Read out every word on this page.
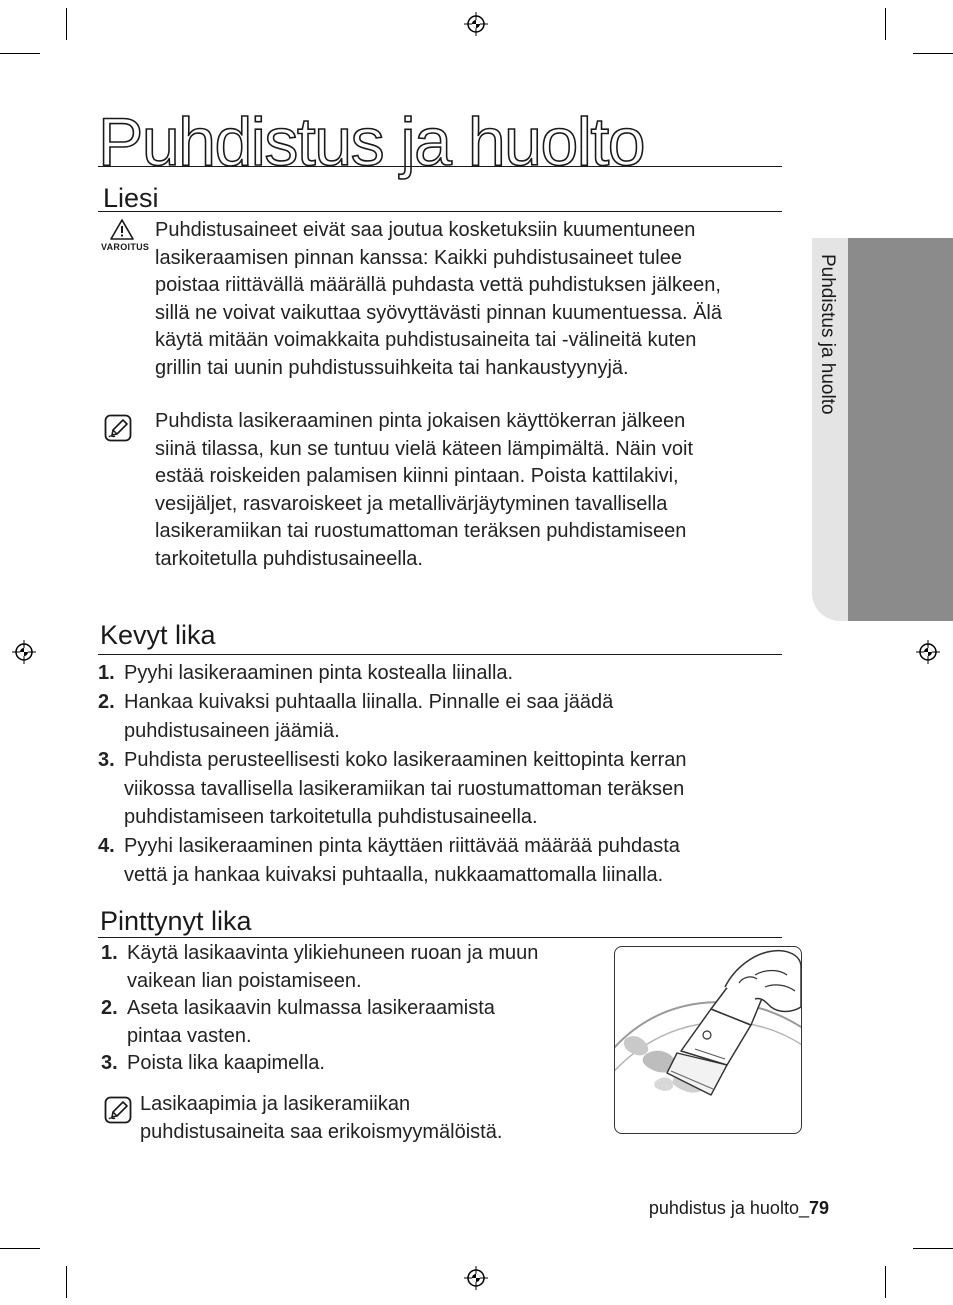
Puhdistus ja huolto
Puhdistus ja huolto
Liesi
VAROITUS
Puhdistusaineet eivät saa joutua kosketuksiin kuumentuneen
lasikeraamisen pinnan kanssa: Kaikki puhdistusaineet tulee
poistaa riittävällä määrällä puhdasta vettä puhdistuksen jälkeen,
sillä ne voivat vaikuttaa syövyttävästi pinnan kuumentuessa. Älä
käytä mitään voimakkaita puhdistusaineita tai -välineitä kuten
grillin tai uunin puhdistussuihkeita tai hankaustyynyjä.
Puhdista lasikeraaminen pinta jokaisen käyttökerran jälkeen
siinä tilassa, kun se tuntuu vielä käteen lämpimältä. Näin voit
estää roiskeiden palamisen kiinni pintaan. Poista kattilakivi,
vesijäljet, rasvaroiskeet ja metallivärjäytyminen tavallisella
lasikeramiikan tai ruostumattoman teräksen puhdistamiseen
tarkoitetulla puhdistusaineella.
Kevyt lika
1. Pyyhi lasikeraaminen pinta kostealla liinalla.
2. Hankaa kuivaksi puhtaalla liinalla. Pinnalle ei saa jäädä
puhdistusaineen jäämiä.
3. Puhdista perusteellisesti koko lasikeraaminen keittopinta kerran
viikossa tavallisella lasikeramiikan tai ruostumattoman teräksen
puhdistamiseen tarkoitetulla puhdistusaineella.
4. Pyyhi lasikeraaminen pinta käyttäen riittävää määrää puhdasta
vettä ja hankaa kuivaksi puhtaalla, nukkaamattomalla liinalla.
Pinttynyt lika
1. Käytä lasikaavinta ylikiehuneen ruoan ja muun
vaikean lian poistamiseen.
2. Aseta lasikaavin kulmassa lasikeraamista
pintaa vasten.
3. Poista lika kaapimella.
Lasikaapimia ja lasikeramiikan
puhdistusaineita saa erikoismyymälöistä.
puhdistus ja huolto_79
